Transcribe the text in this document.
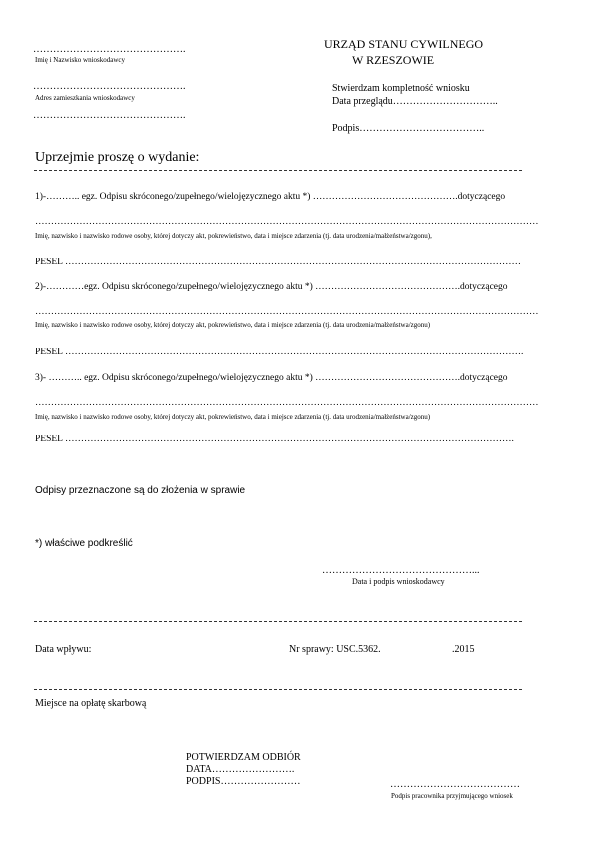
……………………………………….
Imię i Nazwisko wnioskodawcy
……………………………………….
Adres zamieszkania wnioskodawcy
……………………………………….
URZĄD STANU CYWILNEGO
W RZESZOWIE
Stwierdzam kompletność wniosku
Data przeglądu…………………………..
Podpis………………………………..
Uprzejmie proszę o wydanie:
1)-……….. egz. Odpisu skróconego/zupełnego/wielojęzycznego aktu *) ……………………………………….dotyczącego
……………………………………………………………………………………………………………………………………………
Imię, nazwisko i nazwisko rodowe osoby, której dotyczy akt, pokrewieństwo, data i miejsce zdarzenia (tj. data urodzenia/małżeństwa/zgonu),
PESEL ………………………………………………………………………………………………………………………………
2)-…………egz. Odpisu skróconego/zupełnego/wielojęzycznego aktu *) ……………………………………….dotyczącego
……………………………………………………………………………………………………………………………………………
Imię, nazwisko i nazwisko rodowe osoby, której dotyczy akt, pokrewieństwo, data i miejsce zdarzenia (tj. data urodzenia/małżeństwa/zgonu)
PESEL ……………………………………………………………………………………………………………………………….
3)- ……….. egz. Odpisu skróconego/zupełnego/wielojęzycznego aktu *) ……………………………………….dotyczącego
……………………………………………………………………………………………………………………………………………
Imię, nazwisko i nazwisko rodowe osoby, której dotyczy akt, pokrewieństwo, data i miejsce zdarzenia (tj. data urodzenia/małżeństwa/zgonu)
PESEL …………………………………………………………………………………………………………………………….
Odpisy przeznaczone są do złożenia w sprawie
*) właściwe podkreślić
………………………………………...
Data i podpis wnioskodawcy
Data wpływu:	Nr sprawy: USC.5362.	.2015
Miejsce na opłatę skarbową
POTWIERDZAM ODBIÓR
DATA…………………….
PODPIS……………………	…………………………………
Podpis pracownika przyjmującego wniosek
